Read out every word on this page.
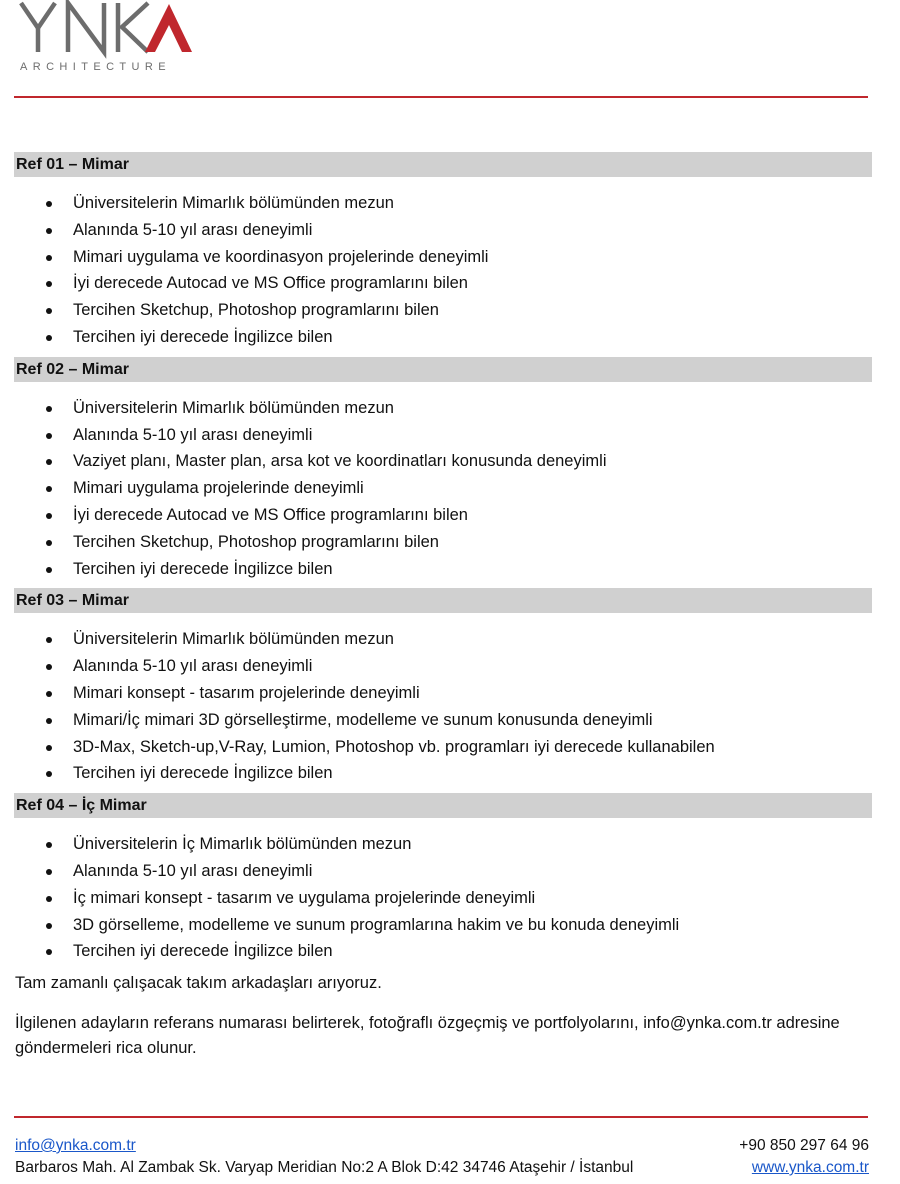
ARCHITECTURE
Ref 01 – Mimar
Üniversitelerin Mimarlık bölümünden mezun
Alanında 5-10 yıl arası deneyimli
Mimari uygulama ve koordinasyon projelerinde deneyimli
İyi derecede Autocad ve MS Office programlarını bilen
Tercihen Sketchup, Photoshop programlarını bilen
Tercihen iyi derecede İngilizce bilen
Ref 02 – Mimar
Üniversitelerin Mimarlık bölümünden mezun
Alanında 5-10 yıl arası deneyimli
Vaziyet planı, Master plan, arsa kot ve koordinatları konusunda deneyimli
Mimari uygulama projelerinde deneyimli
İyi derecede Autocad ve MS Office programlarını bilen
Tercihen Sketchup, Photoshop programlarını bilen
Tercihen iyi derecede İngilizce bilen
Ref 03 – Mimar
Üniversitelerin Mimarlık bölümünden mezun
Alanında 5-10 yıl arası deneyimli
Mimari konsept - tasarım projelerinde deneyimli
Mimari/İç mimari 3D görselleştirme, modelleme ve sunum konusunda deneyimli
3D-Max, Sketch-up,V-Ray, Lumion, Photoshop vb. programları iyi derecede kullanabilen
Tercihen iyi derecede İngilizce bilen
Ref 04 – İç Mimar
Üniversitelerin İç Mimarlık bölümünden mezun
Alanında 5-10 yıl arası deneyimli
İç mimari konsept - tasarım ve uygulama projelerinde deneyimli
3D görselleme, modelleme ve sunum programlarına hakim ve bu konuda deneyimli
Tercihen iyi derecede İngilizce bilen

Tam zamanlı çalışacak takım arkadaşları arıyoruz.

İlgilenen adayların referans numarası belirterek, fotoğraflı özgeçmiş ve portfolyolarını, info@ynka.com.tr adresine göndermeleri rica olunur.

info@ynka.com.tr
Barbaros Mah. Al Zambak Sk. Varyap Meridian No:2 A Blok D:42 34746 Ataşehir / İstanbul
+90 850 297 64 96
www.ynka.com.tr
